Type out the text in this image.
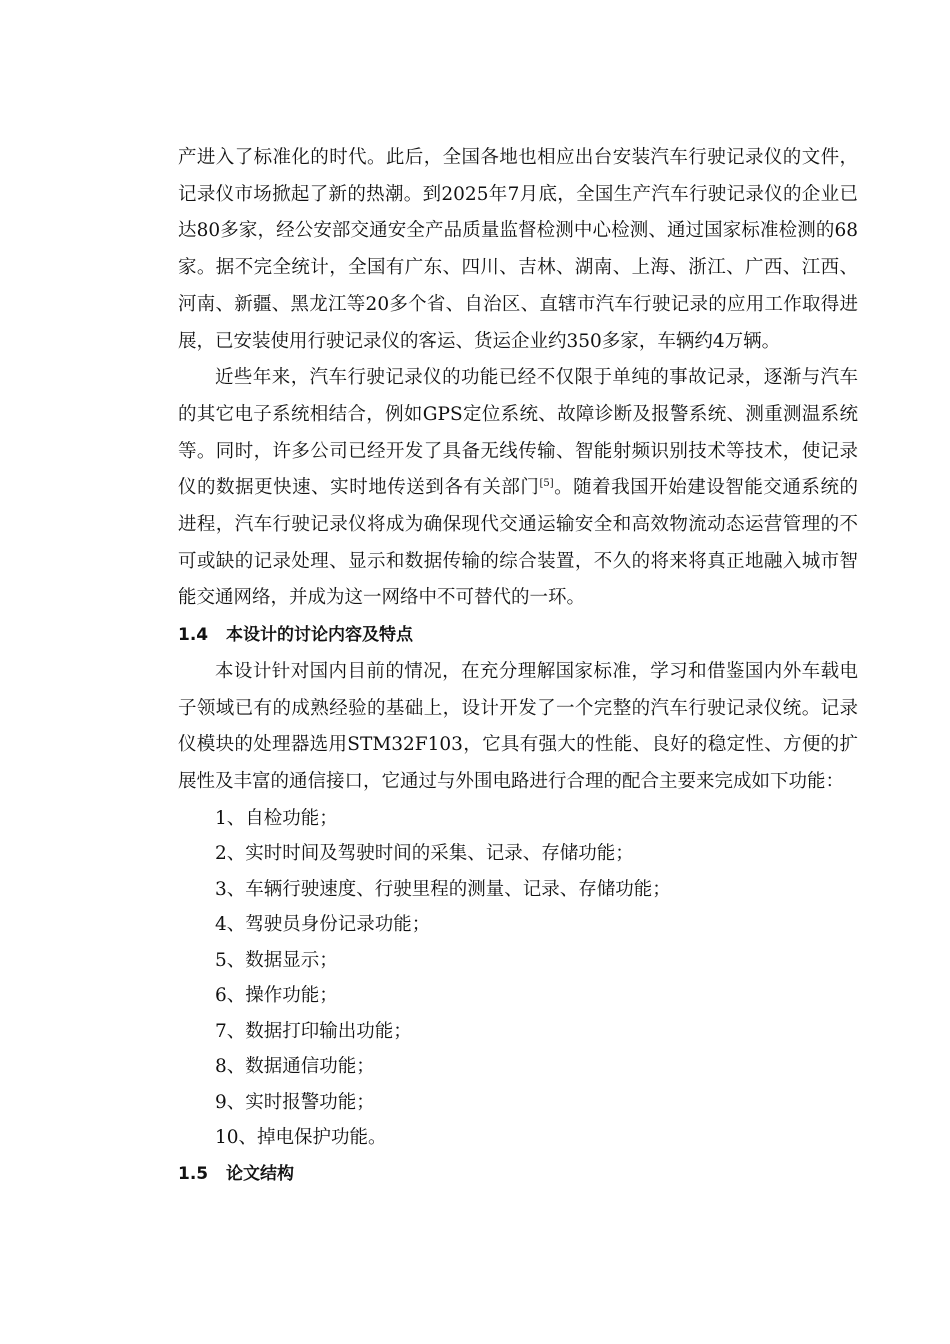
产进入了标准化的时代。此后，全国各地也相应出台安装汽车行驶记录仪的文件，记录仪市场掀起了新的热潮。到2025年7月底，全国生产汽车行驶记录仪的企业已达80多家，经公安部交通安全产品质量监督检测中心检测、通过国家标准检测的68家。据不完全统计，全国有广东、四川、吉林、湖南、上海、浙江、广西、江西、河南、新疆、黑龙江等20多个省、自治区、直辖市汽车行驶记录的应用工作取得进展，已安装使用行驶记录仪的客运、货运企业约350多家，车辆约4万辆。

近些年来，汽车行驶记录仪的功能已经不仅限于单纯的事故记录，逐渐与汽车的其它电子系统相结合，例如GPS定位系统、故障诊断及报警系统、测重测温系统等。同时，许多公司已经开发了具备无线传输、智能射频识别技术等技术，使记录仪的数据更快速、实时地传送到各有关部门[5]。随着我国开始建设智能交通系统的进程，汽车行驶记录仪将成为确保现代交通运输安全和高效物流动态运营管理的不可或缺的记录处理、显示和数据传输的综合装置，不久的将来将真正地融入城市智能交通网络，并成为这一网络中不可替代的一环。

1.4 本设计的讨论内容及特点

本设计针对国内目前的情况，在充分理解国家标准，学习和借鉴国内外车载电子领域已有的成熟经验的基础上，设计开发了一个完整的汽车行驶记录仪统。记录仪模块的处理器选用STM32F103，它具有强大的性能、良好的稳定性、方便的扩展性及丰富的通信接口，它通过与外围电路进行合理的配合主要来完成如下功能：

1、自检功能；
2、实时时间及驾驶时间的采集、记录、存储功能；
3、车辆行驶速度、行驶里程的测量、记录、存储功能；
4、驾驶员身份记录功能；
5、数据显示；
6、操作功能；
7、数据打印输出功能；
8、数据通信功能；
9、实时报警功能；
10、掉电保护功能。
1.5 论文结构
